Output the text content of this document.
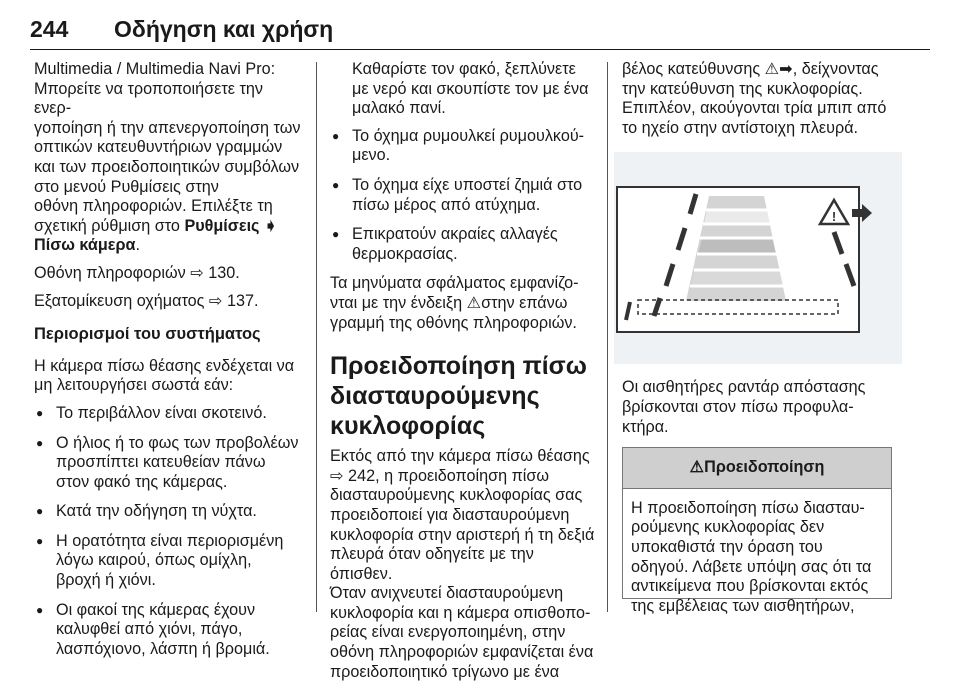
244 Οδήγηση και χρήση

Multimedia / Multimedia Navi Pro:
Μπορείτε να τροποποιήσετε την ενερ-
γοποίηση ή την απενεργοποίηση των
οπτικών κατευθυντήριων γραμμών
και των προειδοποιητικών συμβόλων
στο μενού Ρυθμίσεις στην
οθόνη πληροφοριών. Επιλέξτε τη
σχετική ρύθμιση στο Ρυθμίσεις ➧
Πίσω κάμερα.

Οθόνη πληροφοριών ⇨ 130.

Εξατομίκευση οχήματος ⇨ 137.

Περιορισμοί του συστήματος

Η κάμερα πίσω θέασης ενδέχεται να
μη λειτουργήσει σωστά εάν:

● Το περιβάλλον είναι σκοτεινό.
● Ο ήλιος ή το φως των προβολέων
προσπίπτει κατευθείαν πάνω
στον φακό της κάμερας.
● Κατά την οδήγηση τη νύχτα.
● Η ορατότητα είναι περιορισμένη
λόγω καιρού, όπως ομίχλη,
βροχή ή χιόνι.
● Οι φακοί της κάμερας έχουν
καλυφθεί από χιόνι, πάγο,
λασπόχιονο, λάσπη ή βρομιά.

Καθαρίστε τον φακό, ξεπλύνετε
με νερό και σκουπίστε τον με ένα
μαλακό πανί.

● Το όχημα ρυμουλκεί ρυμουλκού-
μενο.
● Το όχημα είχε υποστεί ζημιά στο
πίσω μέρος από ατύχημα.
● Επικρατούν ακραίες αλλαγές
θερμοκρασίας.

Τα μηνύματα σφάλματος εμφανίζο-
νται με την ένδειξη ⚠στην επάνω
γραμμή της οθόνης πληροφοριών.

Προειδοποίηση πίσω
διασταυρούμενης
κυκλοφορίας

Εκτός από την κάμερα πίσω θέασης
⇨ 242, η προειδοποίηση πίσω
διασταυρούμενης κυκλοφορίας σας
προειδοποιεί για διασταυρούμενη
κυκλοφορία στην αριστερή ή τη δεξιά
πλευρά όταν οδηγείτε με την όπισθεν.
Όταν ανιχνευτεί διασταυρούμενη
κυκλοφορία και η κάμερα οπισθοπο-
ρείας είναι ενεργοποιημένη, στην
οθόνη πληροφοριών εμφανίζεται ένα
προειδοποιητικό τρίγωνο με ένα

βέλος κατεύθυνσης ⚠➡, δείχνοντας
την κατεύθυνση της κυκλοφορίας.
Επιπλέον, ακούγονται τρία μπιπ από
το ηχείο στην αντίστοιχη πλευρά.

!

Οι αισθητήρες ραντάρ απόστασης
βρίσκονται στον πίσω προφυλα-
κτήρα.

⚠Προειδοποίηση
Η προειδοποίηση πίσω διασταυ-
ρούμενης κυκλοφορίας δεν
υποκαθιστά την όραση του
οδηγού. Λάβετε υπόψη σας ότι τα
αντικείμενα που βρίσκονται εκτός
της εμβέλειας των αισθητήρων,
